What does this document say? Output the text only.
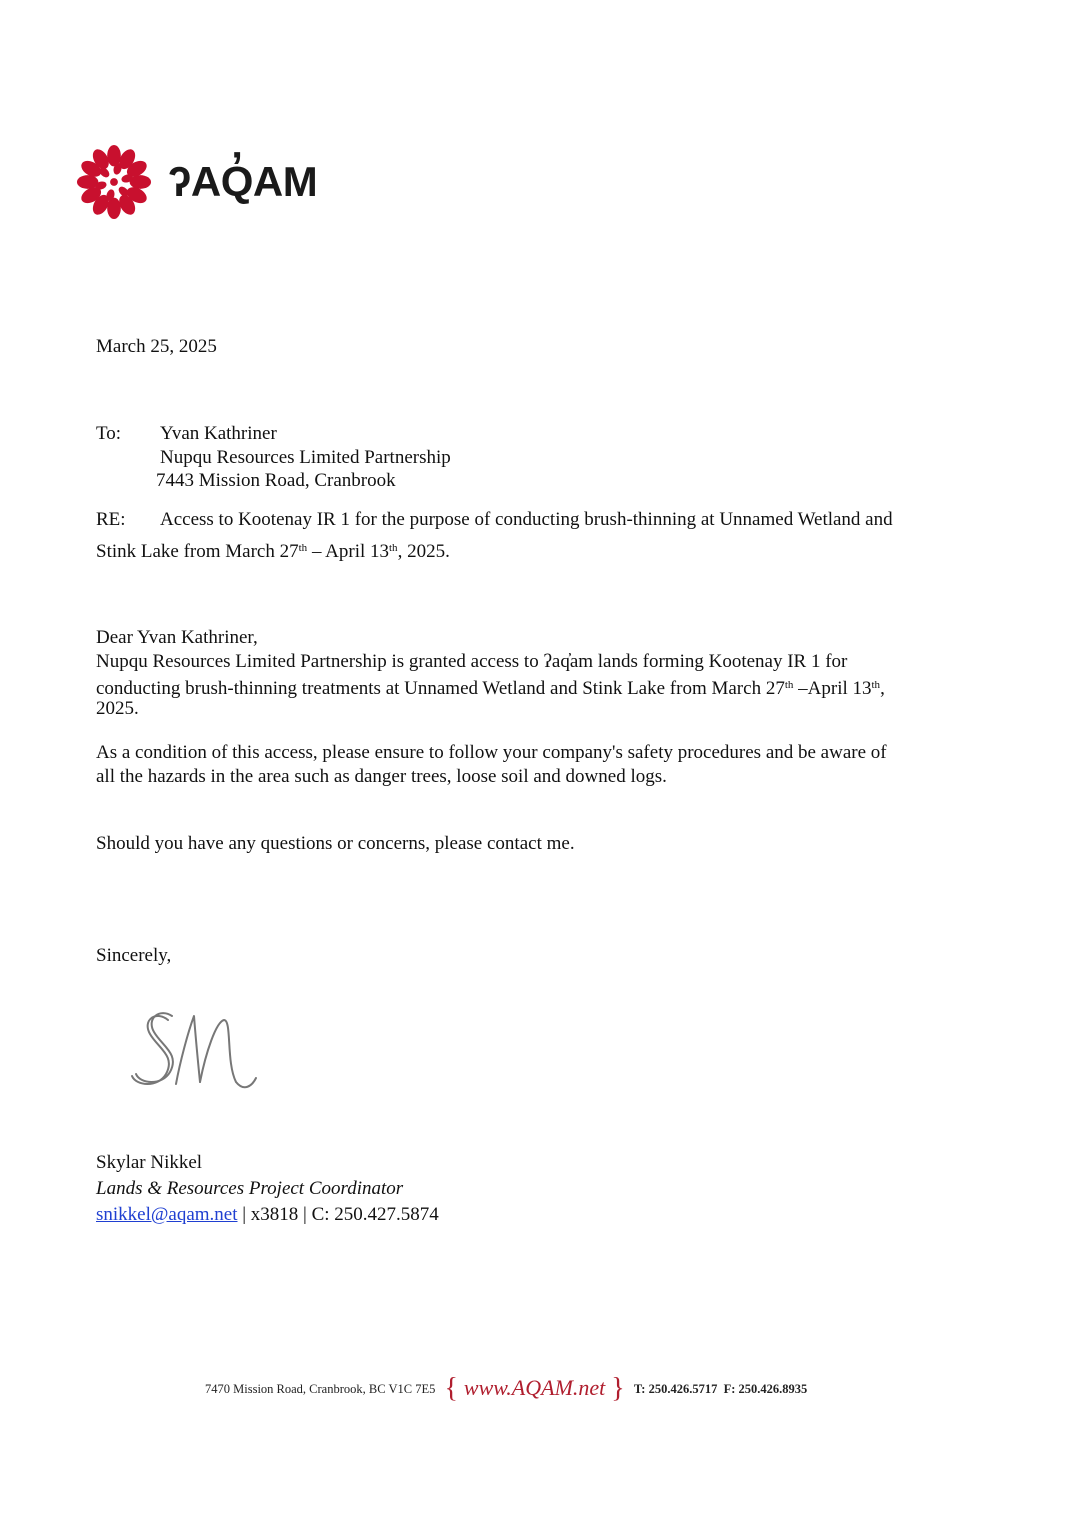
ʔAQ̓AM
March 25, 2025
To: Yvan Kathriner
Nupqu Resources Limited Partnership
7443 Mission Road, Cranbrook
RE: Access to Kootenay IR 1 for the purpose of conducting brush-thinning at Unnamed Wetland and
Stink Lake from March 27th – April 13th, 2025.
Dear Yvan Kathriner,
Nupqu Resources Limited Partnership is granted access to ʔaq̓am lands forming Kootenay IR 1 for
conducting brush-thinning treatments at Unnamed Wetland and Stink Lake from March 27th –April 13th,
2025.
As a condition of this access, please ensure to follow your company's safety procedures and be aware of
all the hazards in the area such as danger trees, loose soil and downed logs.
Should you have any questions or concerns, please contact me.
Sincerely,
Skylar Nikkel
Lands & Resources Project Coordinator
snikkel@aqam.net | x3818 | C: 250.427.5874
7470 Mission Road, Cranbrook, BC V1C 7E5 { www.AQAM.net } T: 250.426.5717 F: 250.426.8935
